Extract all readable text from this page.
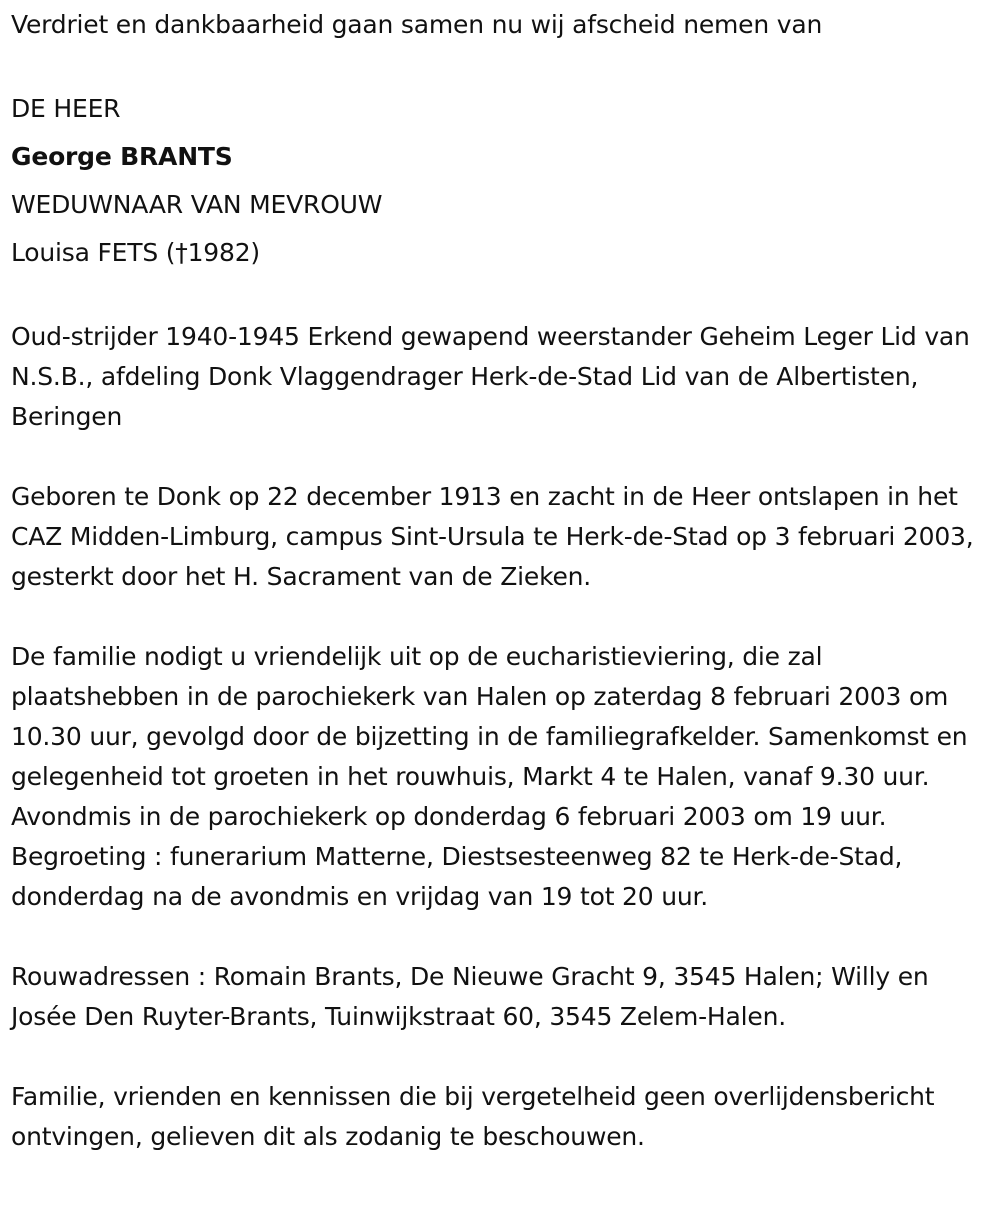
Verdriet en dankbaarheid gaan samen nu wij afscheid nemen van
DE HEER
George BRANTS
WEDUWNAAR VAN MEVROUW
Louisa FETS (†1982)
Oud-strijder 1940-1945 Erkend gewapend weerstander Geheim Leger Lid van N.S.B., afdeling Donk Vlaggendrager Herk-de-Stad Lid van de Albertisten, Beringen
Geboren te Donk op 22 december 1913 en zacht in de Heer ontslapen in het CAZ Midden-Limburg, campus Sint-Ursula te Herk-de-Stad op 3 februari 2003, gesterkt door het H. Sacrament van de Zieken.
De familie nodigt u vriendelijk uit op de eucharistieviering, die zal plaatshebben in de parochiekerk van Halen op zaterdag 8 februari 2003 om 10.30 uur, gevolgd door de bijzetting in de familiegrafkelder. Samenkomst en gelegenheid tot groeten in het rouwhuis, Markt 4 te Halen, vanaf 9.30 uur. Avondmis in de parochiekerk op donderdag 6 februari 2003 om 19 uur. Begroeting : funerarium Matterne, Diestsesteenweg 82 te Herk-de-Stad, donderdag na de avondmis en vrijdag van 19 tot 20 uur.
Rouwadressen : Romain Brants, De Nieuwe Gracht 9, 3545 Halen; Willy en Josée Den Ruyter-Brants, Tuinwijkstraat 60, 3545 Zelem-Halen.
Familie, vrienden en kennissen die bij vergetelheid geen overlijdensbericht ontvingen, gelieven dit als zodanig te beschouwen.
